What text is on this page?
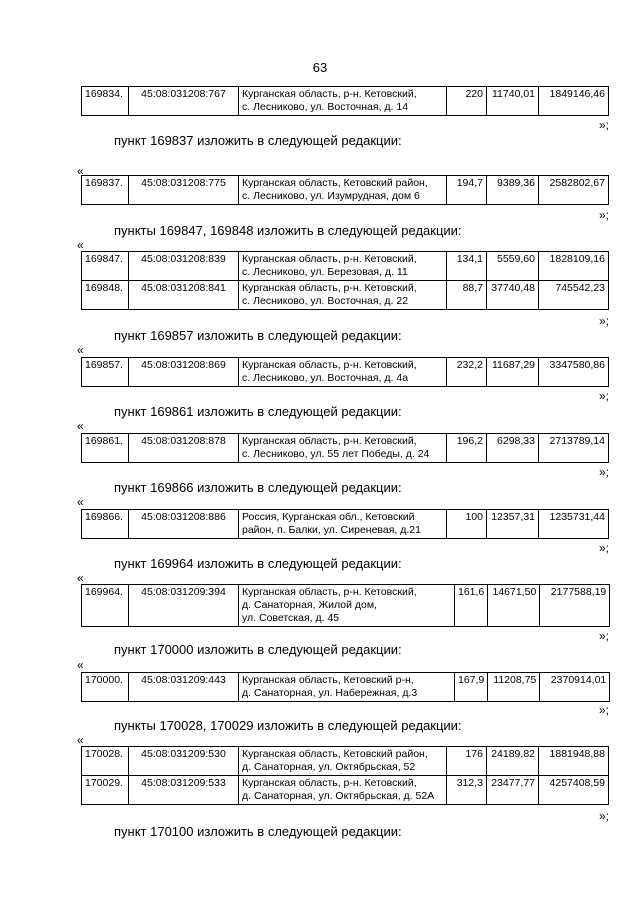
63
169834.	45:08:031208:767	Курганская область, р-н. Кетовский,
с. Лесниково, ул. Восточная, д. 14
	220	11740,01	1849146,46
»;
пункт 169837 изложить в следующей редакции:
«
169837.	45:08:031208:775	Курганская область, Кетовский район,
с. Лесниково, ул. Изумрудная, дом 6
	194,7	9389,36	2582802,67
»;
пункты 169847, 169848 изложить в следующей редакции:
«
169847.	45:08:031208:839	Курганская область, р-н. Кетовский,
с. Лесниково, ул. Березовая, д. 11	134,1	5559,60	1828109,16
169848.	45:08:031208:841	Курганская область, р-н. Кетовский,
с. Лесниково, ул. Восточная, д. 22	88,7	37740,48	745542,23
»;
пункт 169857 изложить в следующей редакции:
«
169857.	45:08:031208:869	Курганская область, р-н. Кетовский,
с. Лесниково, ул. Восточная, д. 4а
	232,2	11687,29	3347580,86
»;
пункт 169861 изложить в следующей редакции:
«
169861.	45:08:031208:878	Курганская область, р-н. Кетовский,
с. Лесниково, ул. 55 лет Победы, д. 24
	196,2	6298,33	2713789,14
»;
пункт 169866 изложить в следующей редакции:
«
169866.	45:08:031208:886	Россия, Курганская обл., Кетовский
район, п. Балки, ул. Сиреневая, д.21
	100	12357,31	1235731,44
»;
пункт 169964 изложить в следующей редакции:
«
169964.	45:08:031209:394	Курганская область, р-н. Кетовский,
д. Санаторная, Жилой дом,
ул. Советская, д. 45
	161,6	14671,50	2177588,19
»;
пункт 170000 изложить в следующей редакции:
«
170000.	45:08:031209:443	Курганская область, Кетовский р-н,
д. Санаторная, ул. Набережная, д.3
	167,9	11208,75	2370914,01
»;
пункты 170028, 170029 изложить в следующей редакции:
«
170028.	45:08:031209:530	Курганская область, Кетовский район,
д. Санаторная, ул. Октябрьская, 52	176	24189,82	1881948,88
170029.	45:08:031209:533	Курганская область, р-н. Кетовский,
д. Санаторная, ул. Октябрьская, д. 52А	312,3	23477,77	4257408,59
»;
пункт 170100 изложить в следующей редакции:
